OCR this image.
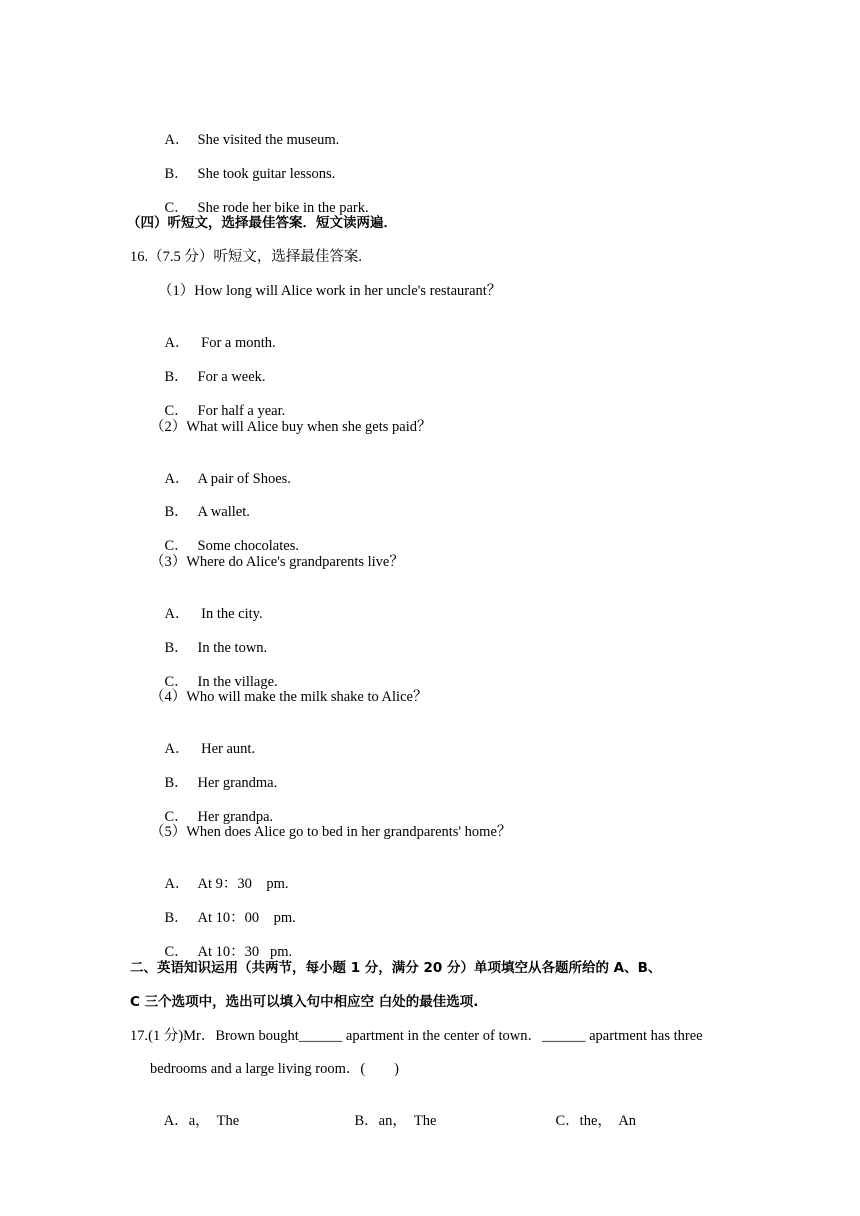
A． She visited the museum.

B． She took guitar lessons.

C． She rode her bike in the park.

（四）听短文，选择最佳答案．短文读两遍．
16.（7.5 分）听短文，选择最佳答案.
（1）How long will Alice work in her uncle's restaurant？

A． For a month.

B． For a week.

C． For half a year.

（2）What will Alice buy when she gets paid？

A． A pair of Shoes.

B． A wallet.

C． Some chocolates.

（3）Where do Alice's grandparents live？

A． In the city.

B． In the town.

C． In the village.

（4）Who will make the milk shake to Alice？

A． Her aunt.

B． Her grandma.

C． Her grandpa.

（5）When does Alice go to bed in her grandparents' home？

A． At 9：30    pm.

B． At 10：00    pm.

C． At 10：30   pm.

二、英语知识运用（共两节，每小题 1 分，满分 20 分）单项填空从各题所给的 A、B、
C 三个选项中，选出可以填入句中相应空 白处的最佳选项.
17.(1 分)Mr．Brown bought______ apartment in the center of town．______ apartment has three
bedrooms and a large living room．(        )

A．a，  The
	B．an，  The
	C．the，  An
